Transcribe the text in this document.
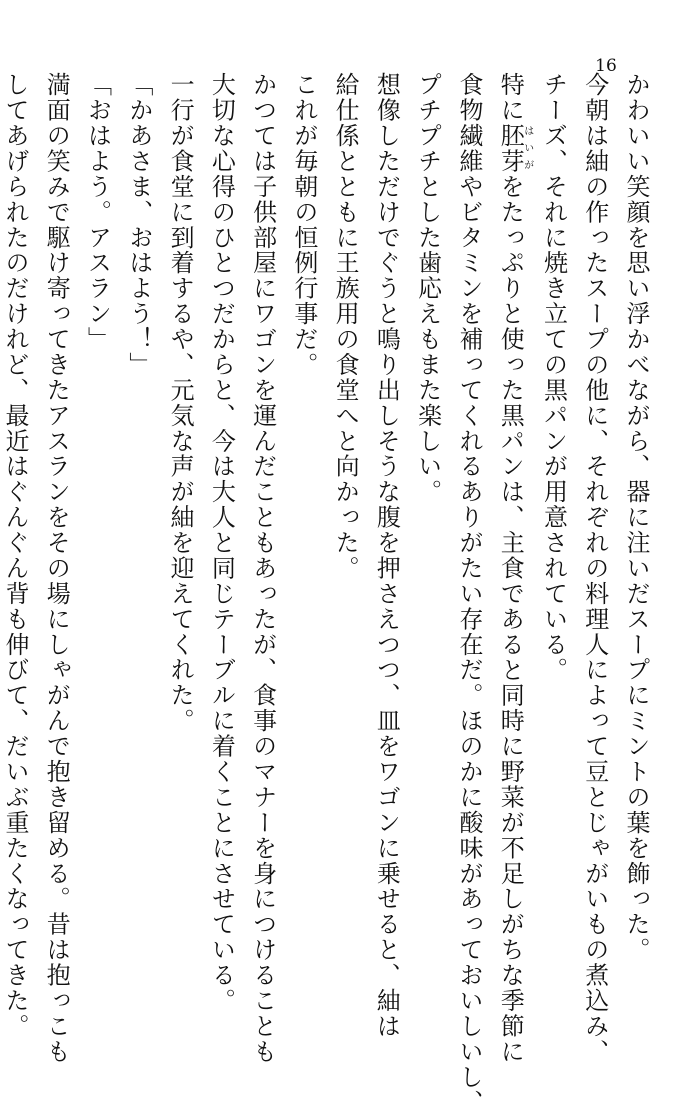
16
かわいい笑顔を思い浮かべながら、器に注いだスープにミントの葉を飾った。
今朝は紬の作ったスープの他に、それぞれの料理人によって豆とじゃがいもの煮込み、
チーズ、それに焼き立ての黒パンが用意されている。
特に胚芽はいがをたっぷりと使った黒パンは、主食であると同時に野菜が不足しがちな季節に
食物繊維やビタミンを補ってくれるありがたい存在だ。ほのかに酸味があっておいしいし、
プチプチとした歯応えもまた楽しい。
想像しただけでぐうと鳴り出しそうな腹を押さえつつ、皿をワゴンに乗せると、紬は
給仕係とともに王族用の食堂へと向かった。
これが毎朝の恒例行事だ。
かつては子供部屋にワゴンを運んだこともあったが、食事のマナーを身につけることも
大切な心得のひとつだからと、今は大人と同じテーブルに着くことにさせている。
一行が食堂に到着するや、元気な声が紬を迎えてくれた。
「かあさま、おはよう！」
「おはよう。アスラン」
満面の笑みで駆け寄ってきたアスランをその場にしゃがんで抱き留める。昔は抱っこも
してあげられたのだけれど、最近はぐんぐん背も伸びて、だいぶ重たくなってきた。
